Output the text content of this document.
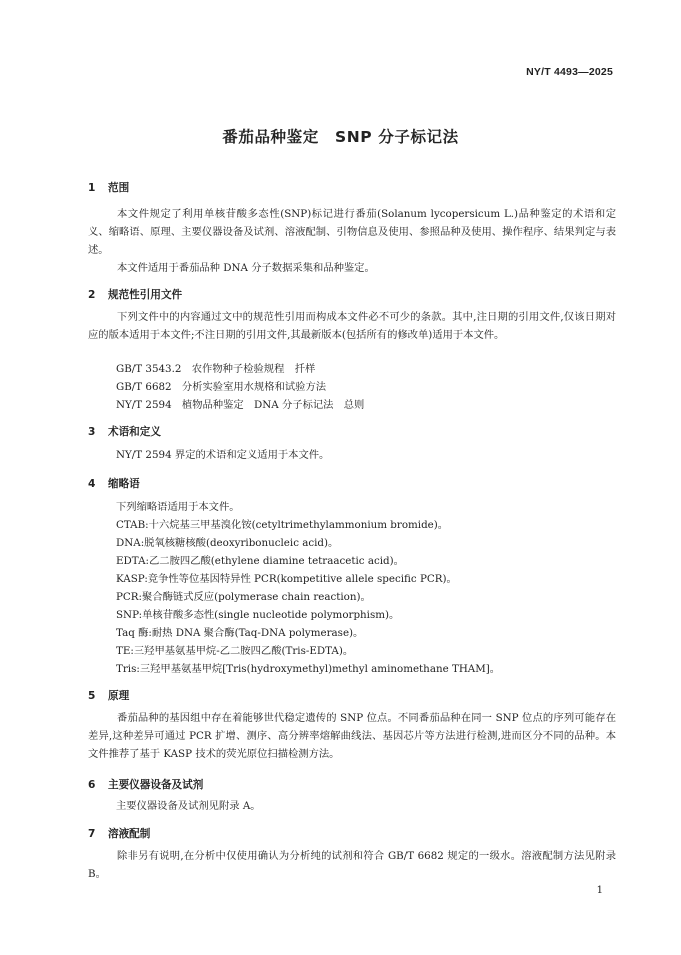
NY/T 4493—2025
番茄品种鉴定　SNP 分子标记法
1 范围
本文件规定了利用单核苷酸多态性(SNP)标记进行番茄(Solanum lycopersicum L.)品种鉴定的术语和定义、缩略语、原理、主要仪器设备及试剂、溶液配制、引物信息及使用、参照品种及使用、操作程序、结果判定与表述。
本文件适用于番茄品种 DNA 分子数据采集和品种鉴定。
2 规范性引用文件
下列文件中的内容通过文中的规范性引用而构成本文件必不可少的条款。其中,注日期的引用文件,仅该日期对应的版本适用于本文件;不注日期的引用文件,其最新版本(包括所有的修改单)适用于本文件。
GB/T 3543.2　农作物种子检验规程　扦样
GB/T 6682　分析实验室用水规格和试验方法
NY/T 2594　植物品种鉴定　DNA 分子标记法　总则
3 术语和定义
NY/T 2594 界定的术语和定义适用于本文件。
4 缩略语
下列缩略语适用于本文件。
CTAB:十六烷基三甲基溴化铵(cetyltrimethylammonium bromide)。
DNA:脱氧核糖核酸(deoxyribonucleic acid)。
EDTA:乙二胺四乙酸(ethylene diamine tetraacetic acid)。
KASP:竞争性等位基因特异性 PCR(kompetitive allele specific PCR)。
PCR:聚合酶链式反应(polymerase chain reaction)。
SNP:单核苷酸多态性(single nucleotide polymorphism)。
Taq 酶:耐热 DNA 聚合酶(Taq-DNA polymerase)。
TE:三羟甲基氨基甲烷-乙二胺四乙酸(Tris-EDTA)。
Tris:三羟甲基氨基甲烷[Tris(hydroxymethyl)methyl aminomethane THAM]。
5 原理
番茄品种的基因组中存在着能够世代稳定遗传的 SNP 位点。不同番茄品种在同一 SNP 位点的序列可能存在差异,这种差异可通过 PCR 扩增、测序、高分辨率熔解曲线法、基因芯片等方法进行检测,进而区分不同的品种。本文件推荐了基于 KASP 技术的荧光原位扫描检测方法。
6 主要仪器设备及试剂
主要仪器设备及试剂见附录 A。
7 溶液配制
除非另有说明,在分析中仅使用确认为分析纯的试剂和符合 GB/T 6682 规定的一级水。溶液配制方法见附录 B。
1
